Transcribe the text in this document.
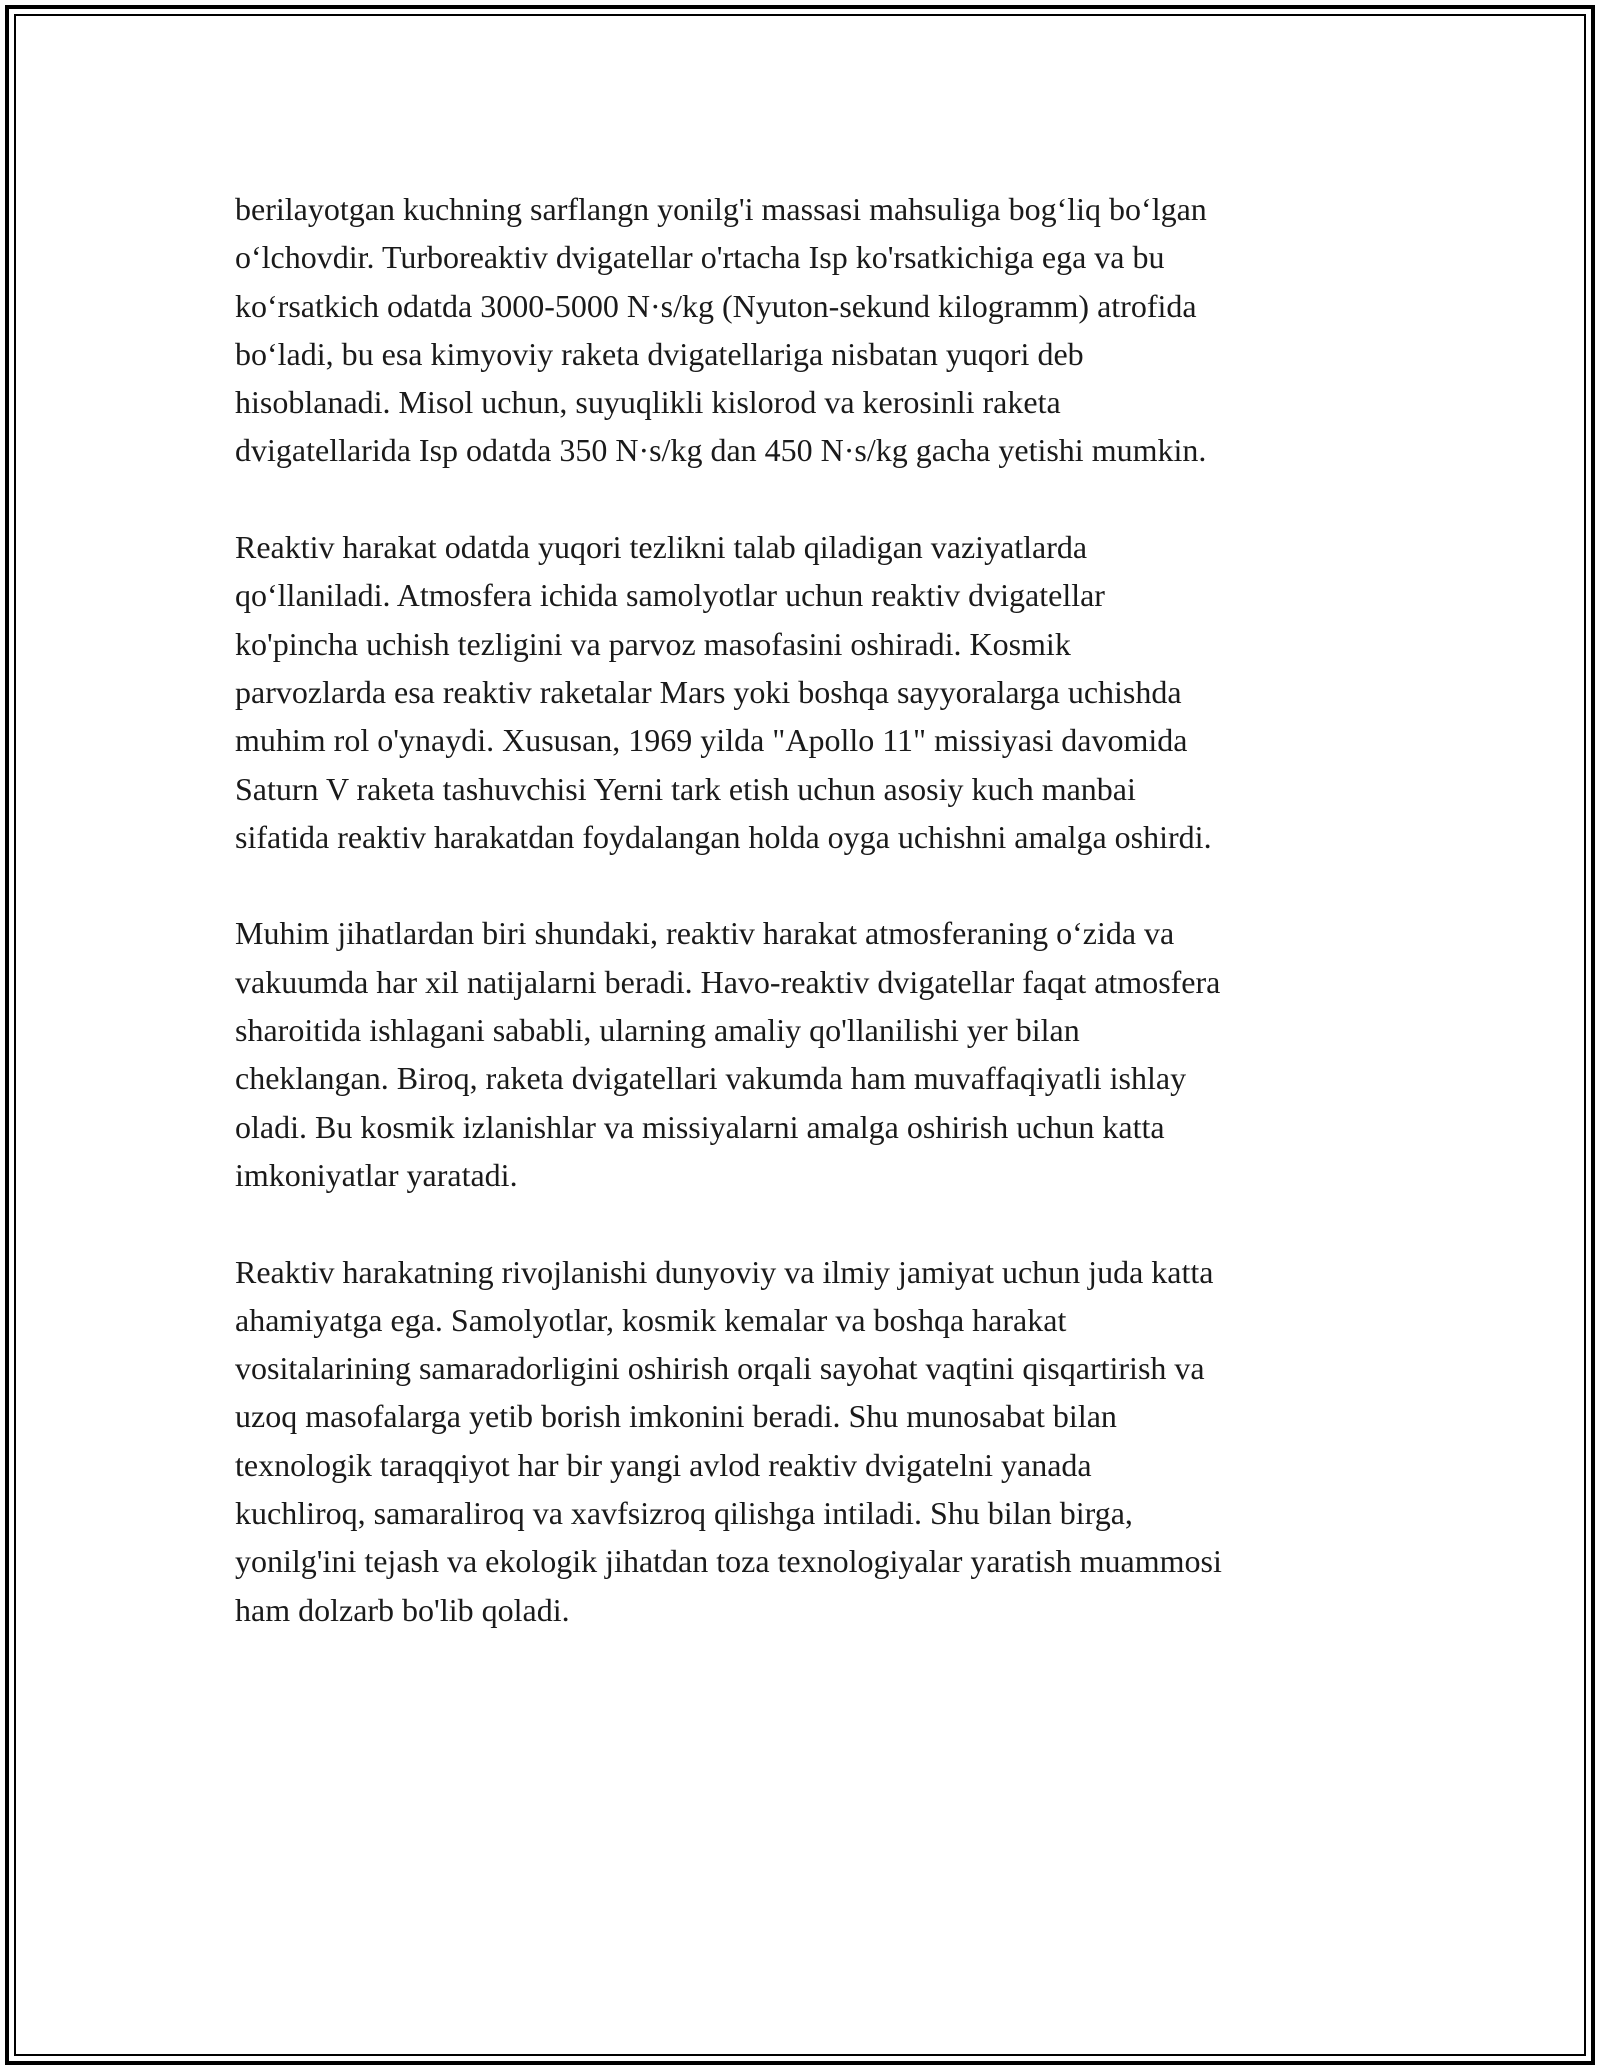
berilayotgan kuchning sarflangn yonilg'i massasi mahsuliga bog‘liq bo‘lgan
o‘lchovdir. Turboreaktiv dvigatellar o'rtacha Isp ko'rsatkichiga ega va bu
ko‘rsatkich odatda 3000-5000 N·s/kg (Nyuton-sekund kilogramm) atrofida
bo‘ladi, bu esa kimyoviy raketa dvigatellariga nisbatan yuqori deb
hisoblanadi. Misol uchun, suyuqlikli kislorod va kerosinli raketa
dvigatellarida Isp odatda 350 N·s/kg dan 450 N·s/kg gacha yetishi mumkin.

Reaktiv harakat odatda yuqori tezlikni talab qiladigan vaziyatlarda
qo‘llaniladi. Atmosfera ichida samolyotlar uchun reaktiv dvigatellar
ko'pincha uchish tezligini va parvoz masofasini oshiradi. Kosmik
parvozlarda esa reaktiv raketalar Mars yoki boshqa sayyoralarga uchishda
muhim rol o'ynaydi. Xususan, 1969 yilda "Apollo 11" missiyasi davomida
Saturn V raketa tashuvchisi Yerni tark etish uchun asosiy kuch manbai
sifatida reaktiv harakatdan foydalangan holda oyga uchishni amalga oshirdi.

Muhim jihatlardan biri shundaki, reaktiv harakat atmosferaning o‘zida va
vakuumda har xil natijalarni beradi. Havo-reaktiv dvigatellar faqat atmosfera
sharoitida ishlagani sababli, ularning amaliy qo'llanilishi yer bilan
cheklangan. Biroq, raketa dvigatellari vakumda ham muvaffaqiyatli ishlay
oladi. Bu kosmik izlanishlar va missiyalarni amalga oshirish uchun katta
imkoniyatlar yaratadi.

Reaktiv harakatning rivojlanishi dunyoviy va ilmiy jamiyat uchun juda katta
ahamiyatga ega. Samolyotlar, kosmik kemalar va boshqa harakat
vositalarining samaradorligini oshirish orqali sayohat vaqtini qisqartirish va
uzoq masofalarga yetib borish imkonini beradi. Shu munosabat bilan
texnologik taraqqiyot har bir yangi avlod reaktiv dvigatelni yanada
kuchliroq, samaraliroq va xavfsizroq qilishga intiladi. Shu bilan birga,
yonilg'ini tejash va ekologik jihatdan toza texnologiyalar yaratish muammosi
ham dolzarb bo'lib qoladi.
